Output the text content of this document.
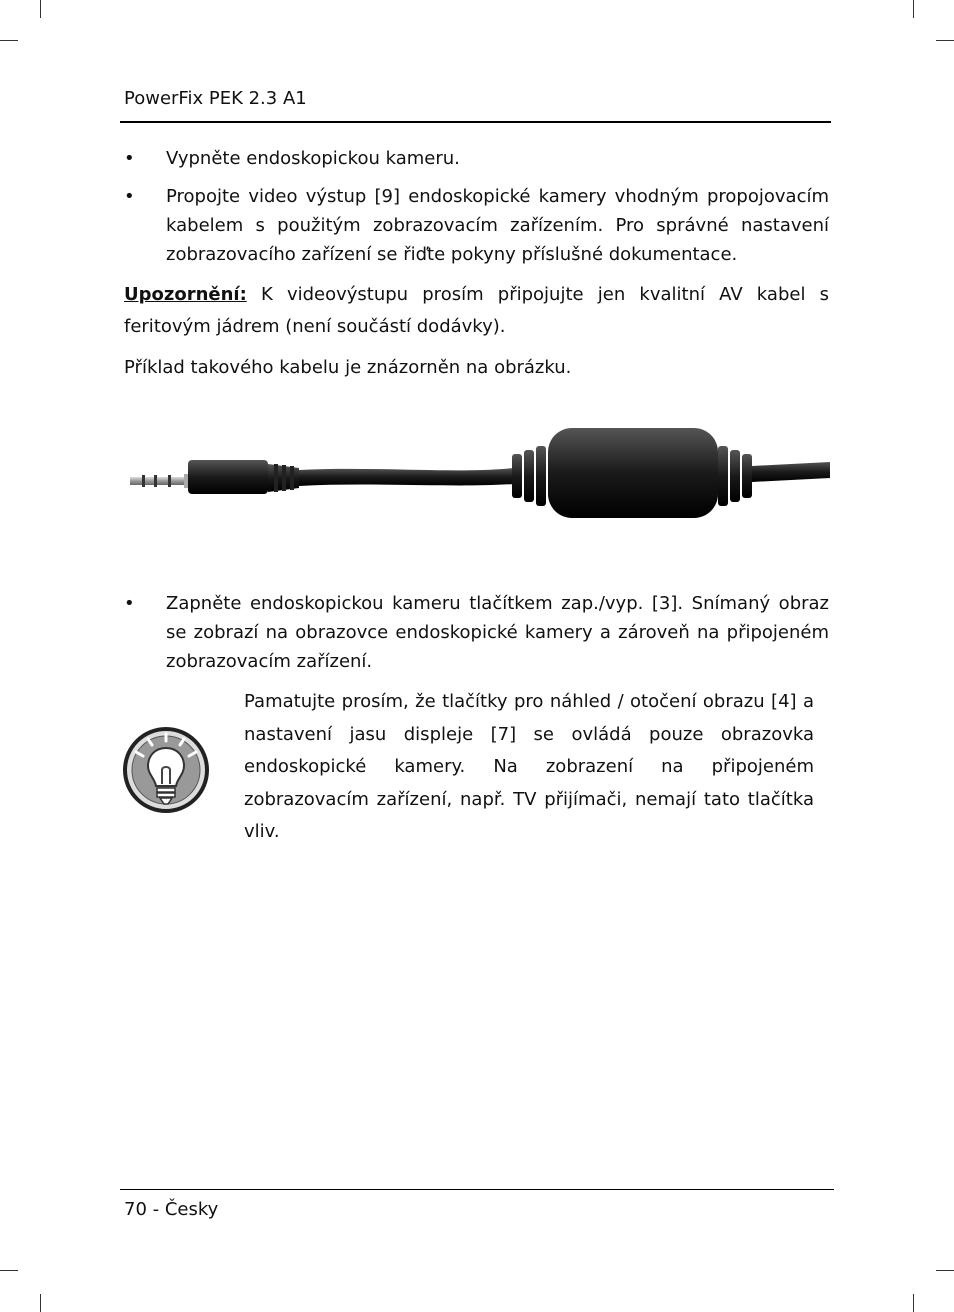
PowerFix PEK 2.3 A1
• Vypněte endoskopickou kameru.
• Propojte video výstup [9] endoskopické kamery vhodným propojovacím kabelem s použitým zobrazovacím zařízením. Pro správné nastavení zobrazovacího zařízení se řiďte pokyny příslušné dokumentace.
Upozornění: K videovýstupu prosím připojujte jen kvalitní AV kabel s feritovým jádrem (není součástí dodávky).
Příklad takového kabelu je znázorněn na obrázku.
• Zapněte endoskopickou kameru tlačítkem zap./vyp. [3]. Snímaný obraz se zobrazí na obrazovce endoskopické kamery a zároveň na připojeném zobrazovacím zařízení.
Pamatujte prosím, že tlačítky pro náhled / otočení obrazu [4] a nastavení jasu displeje [7] se ovládá pouze obrazovka endoskopické kamery. Na zobrazení na připojeném zobrazovacím zařízení, např. TV přijímači, nemají tato tlačítka vliv.
70 - Česky
